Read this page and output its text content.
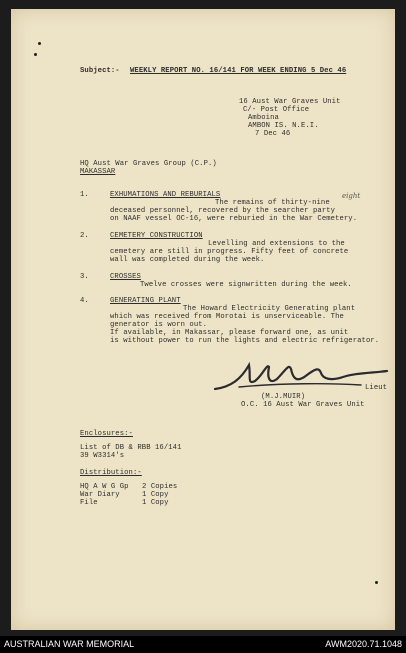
Subject:- WEEKLY REPORT NO. 16/141 FOR WEEK ENDING 5 Dec 46
16 Aust War Graves Unit
C/- Post Office
Amboina
AMBON IS. N.E.I.
7 Dec 46
HQ Aust War Graves Group (C.P.)
MAKASSAR
1.	EXHUMATIONS AND REBURIALS
The remains of thirty-nine
eight
deceased personnel, recovered by the searcher party
on NAAF vessel OC-16, were reburied in the War Cemetery.
2.	CEMETERY CONSTRUCTION
Levelling and extensions to the
cemetery are still in progress. Fifty feet of concrete
wall was completed during the week.
3.	CROSSES
Twelve crosses were signwritten during the week.
4.	GENERATING PLANT
The Howard Electricity Generating plant
which was received from Morotai is unserviceable. The
generator is worn out.
If available, in Makassar, please forward one, as unit
is without power to run the lights and electric refrigerator.
Lieut
(M.J.MUIR)
O.C. 16 Aust War Graves Unit
Enclosures:-
List of DB & RBB 16/141
39 W3314's
Distribution:-
HQ A W G Gp 2 Copies
War Diary	1 Copy
File	1 Copy
AUSTRALIAN WAR MEMORIAL	AWM2020.71.1048
